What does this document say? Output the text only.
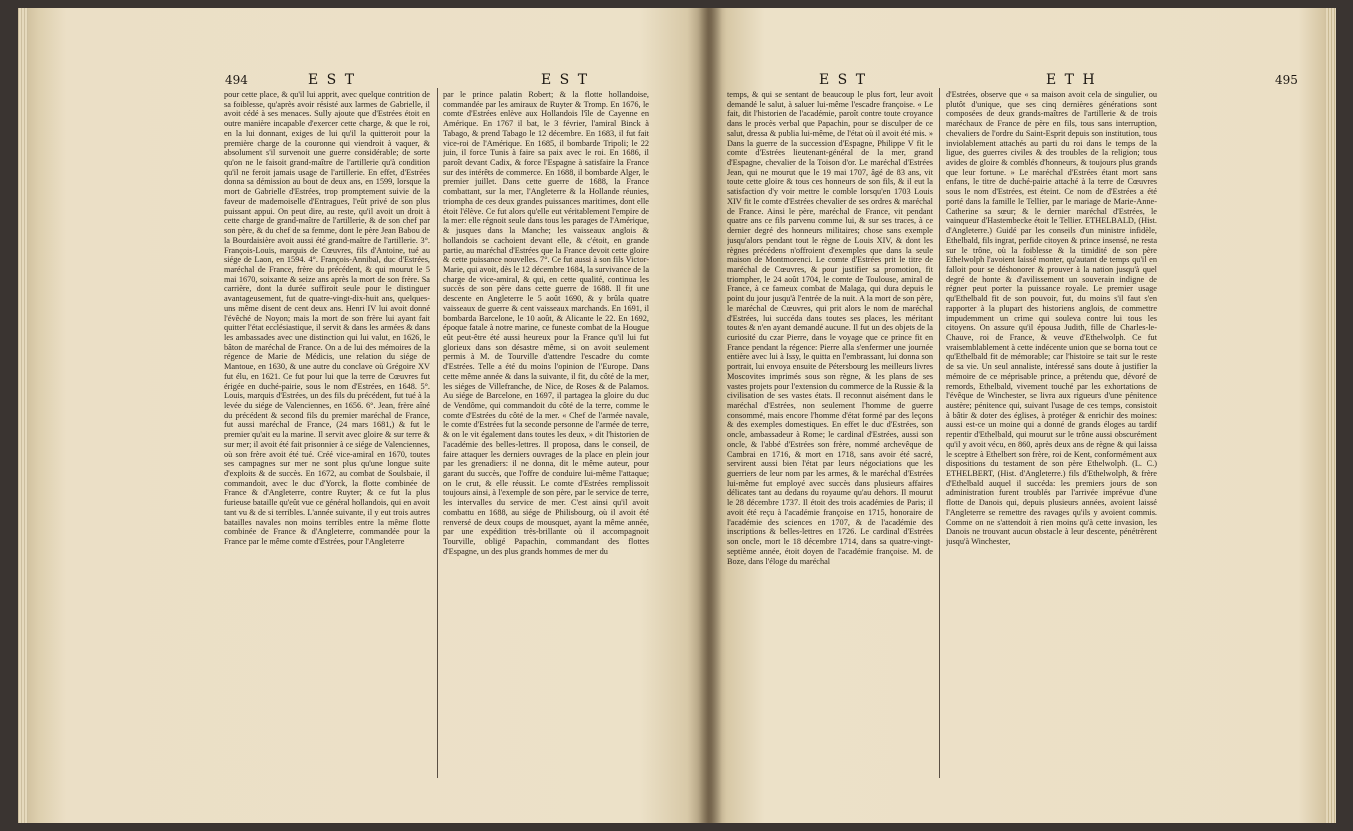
494	E S T	E S T
pour cette place, & qu'il lui apprit, avec quelque contrition de sa foiblesse, qu'après avoir résisté aux larmes de Gabrielle, il avoit cédé à ses menaces. Sully ajoute que d'Estrées étoit en outre manière incapable d'exercer cette charge, & que le roi, en la lui donnant, exiges de lui qu'il la quitteroit pour la première charge de la couronne qui viendroit à vaquer, & absolument s'il survenoit une guerre considérable; de sorte qu'on ne le faisoit grand-maître de l'artillerie qu'à condition qu'il ne feroit jamais usage de l'artillerie. En effet, d'Estrées donna sa démission au bout de deux ans, en 1599, lorsque la mort de Gabrielle d'Estrées, trop promptement suivie de la faveur de mademoiselle d'Entragues, l'eût privé de son plus puissant appui. On peut dire, au reste, qu'il avoit un droit à cette charge de grand-maître de l'artillerie, & de son chef par son père, & du chef de sa femme, dont le père Jean Babou de la Bourdaisière avoit aussi été grand-maître de l'artillerie. 3°. François-Louis, marquis de Cœuvres, fils d'Antoine, tué au siége de Laon, en 1594. 4°. François-Annibal, duc d'Estrées, maréchal de France, frère du précédent, & qui mourut le 5 mai 1670, soixante & seize ans après la mort de son frère. Sa carrière, dont la durée suffiroit seule pour le distinguer avantageusement, fut de quatre-vingt-dix-huit ans, quelques-uns même disent de cent deux ans. Henri IV lui avoit donné l'évêché de Noyon; mais la mort de son frère lui ayant fait quitter l'état ecclésiastique, il servit & dans les armées & dans les ambassades avec une distinction qui lui valut, en 1626, le bâton de maréchal de France. On a de lui des mémoires de la régence de Marie de Médicis, une relation du siége de Mantoue, en 1630, & une autre du conclave où Grégoire XV fut élu, en 1621. Ce fut pour lui que la terre de Cœuvres fut érigée en duché-pairie, sous le nom d'Estrées, en 1648. 5°. Louis, marquis d'Estrées, un des fils du précédent, fut tué à la levée du siége de Valenciennes, en 1656. 6°. Jean, frère aîné du précédent & second fils du premier maréchal de France, fut aussi maréchal de France, (24 mars 1681,) & fut le premier qu'ait eu la marine. Il servit avec gloire & sur terre & sur mer; il avoit été fait prisonnier à ce siége de Valenciennes, où son frère avoit été tué. Créé vice-amiral en 1670, toutes ses campagnes sur mer ne sont plus qu'une longue suite d'exploits & de succès. En 1672, au combat de Soulsbaie, il commandoit, avec le duc d'Yorck, la flotte combinée de France & d'Angleterre, contre Ruyter; & ce fut la plus furieuse bataille qu'eût vue ce général hollandois, qui en avoit tant vu & de si terribles. L'année suivante, il y eut trois autres batailles navales non moins terribles entre la même flotte combinée de France & d'Angleterre, commandée pour la France par le même comte d'Estrées, pour l'Angleterre
par le prince palatin Robert; & la flotte hollandoise, commandée par les amiraux de Ruyter & Tromp. En 1676, le comte d'Estrées enlève aux Hollandois l'île de Cayenne en Amérique. En 1767 il bat, le 3 février, l'amiral Binck à Tabago, & prend Tabago le 12 décembre. En 1683, il fut fait vice-roi de l'Amérique. En 1685, il bombarde Tripoli; le 22 juin, il force Tunis à faire sa paix avec le roi. En 1686, il paroît devant Cadix, & force l'Espagne à satisfaire la France sur des intérêts de commerce. En 1688, il bombarde Alger, le premier juillet. Dans cette guerre de 1688, la France combattant, sur la mer, l'Angleterre & la Hollande réunies, triompha de ces deux grandes puissances maritimes, dont elle étoit l'élève. Ce fut alors qu'elle eut véritablement l'empire de la mer: elle régnoit seule dans tous les parages de l'Amérique, & jusques dans la Manche; les vaisseaux anglois & hollandois se cachoient devant elle, & c'étoit, en grande partie, au maréchal d'Estrées que la France devoit cette gloire & cette puissance nouvelles. 7°. Ce fut aussi à son fils Victor-Marie, qui avoit, dès le 12 décembre 1684, la survivance de la charge de vice-amiral, & qui, en cette qualité, continua les succès de son père dans cette guerre de 1688. Il fit une descente en Angleterre le 5 août 1690, & y brûla quatre vaisseaux de guerre & cent vaisseaux marchands. En 1691, il bombarda Barcelone, le 10 août, & Alicante le 22. En 1692, époque fatale à notre marine, ce funeste combat de la Hougue eût peut-être été aussi heureux pour la France qu'il lui fut glorieux dans son désastre même, si on avoit seulement permis à M. de Tourville d'attendre l'escadre du comte d'Estrées. Telle a été du moins l'opinion de l'Europe. Dans cette même année & dans la suivante, il fit, du côté de la mer, les siéges de Villefranche, de Nice, de Roses & de Palamos. Au siége de Barcelone, en 1697, il partagea la gloire du duc de Vendôme, qui commandoit du côté de la terre, comme le comte d'Estrées du côté de la mer. « Chef de l'armée navale, le comte d'Estrées fut la seconde personne de l'armée de terre, & on le vit également dans toutes les deux, » dit l'historien de l'académie des belles-lettres. Il proposa, dans le conseil, de faire attaquer les derniers ouvrages de la place en plein jour par les grenadiers: il ne donna, dit le même auteur, pour garant du succès, que l'offre de conduire lui-même l'attaque; on le crut, & elle réussit. Le comte d'Estrées remplissoit toujours ainsi, à l'exemple de son père, par le service de terre, les intervalles du service de mer. C'est ainsi qu'il avoit combattu en 1688, au siége de Philisbourg, où il avoit été renversé de deux coups de mousquet, ayant la même année, par une expédition très-brillante où il accompagnoit Tourville, obligé Papachin, commandant des flottes d'Espagne, un des plus grands hommes de mer du
E S T	E T H	495
temps, & qui se sentant de beaucoup le plus fort, leur avoit demandé le salut, à saluer lui-même l'escadre françoise. « Le fait, dit l'historien de l'académie, paroît contre toute croyance dans le procès verbal que Papachin, pour se disculper de ce salut, dressa & publia lui-même, de l'état où il avoit été mis. » Dans la guerre de la succession d'Espagne, Philippe V fit le comte d'Estrées lieutenant-général de la mer, grand d'Espagne, chevalier de la Toison d'or. Le maréchal d'Estrées Jean, qui ne mourut que le 19 mai 1707, âgé de 83 ans, vit toute cette gloire & tous ces honneurs de son fils, & il eut la satisfaction d'y voir mettre le comble lorsqu'en 1703 Louis XIV fit le comte d'Estrées chevalier de ses ordres & maréchal de France. Ainsi le père, maréchal de France, vit pendant quatre ans ce fils parvenu comme lui, & sur ses traces, à ce dernier degré des honneurs militaires; chose sans exemple jusqu'alors pendant tout le règne de Louis XIV, & dont les règnes précédens n'offroient d'exemples que dans la seule maison de Montmorenci. Le comte d'Estrées prit le titre de maréchal de Cœuvres, & pour justifier sa promotion, fit triompher, le 24 août 1704, le comte de Toulouse, amiral de France, à ce fameux combat de Malaga, qui dura depuis le point du jour jusqu'à l'entrée de la nuit. A la mort de son père, le maréchal de Cœuvres, qui prit alors le nom de maréchal d'Estrées, lui succéda dans toutes ses places, les méritant toutes & n'en ayant demandé aucune. Il fut un des objets de la curiosité du czar Pierre, dans le voyage que ce prince fit en France pendant la régence: Pierre alla s'enfermer une journée entière avec lui à Issy, le quitta en l'embrassant, lui donna son portrait, lui envoya ensuite de Pétersbourg les meilleurs livres Moscovites imprimés sous son règne, & les plans de ses vastes projets pour l'extension du commerce de la Russie & la civilisation de ses vastes états. Il reconnut aisément dans le maréchal d'Estrées, non seulement l'homme de guerre consommé, mais encore l'homme d'état formé par des leçons & des exemples domestiques. En effet le duc d'Estrées, son oncle, ambassadeur à Rome; le cardinal d'Estrées, aussi son oncle, & l'abbé d'Estrées son frère, nommé archevêque de Cambrai en 1716, & mort en 1718, sans avoir été sacré, servirent aussi bien l'état par leurs négociations que les guerriers de leur nom par les armes, & le maréchal d'Estrées lui-même fut employé avec succès dans plusieurs affaires délicates tant au dedans du royaume qu'au dehors. Il mourut le 28 décembre 1737. Il étoit des trois académies de Paris; il avoit été reçu à l'académie françoise en 1715, honoraire de l'académie des sciences en 1707, & de l'académie des inscriptions & belles-lettres en 1726. Le cardinal d'Estrées son oncle, mort le 18 décembre 1714, dans sa quatre-vingt-septième année, étoit doyen de l'académie françoise. M. de Boze, dans l'éloge du maréchal
d'Estrées, observe que « sa maison avoit cela de singulier, ou plutôt d'unique, que ses cinq dernières générations sont composées de deux grands-maîtres de l'artillerie & de trois maréchaux de France de père en fils, tous sans interruption, chevaliers de l'ordre du Saint-Esprit depuis son institution, tous inviolablement attachés au parti du roi dans le temps de la ligue, des guerres civiles & des troubles de la religion; tous avides de gloire & comblés d'honneurs, & toujours plus grands que leur fortune. » Le maréchal d'Estrées étant mort sans enfans, le titre de duché-pairie attaché à la terre de Cœuvres sous le nom d'Estrées, est éteint. Ce nom de d'Estrées a été porté dans la famille le Tellier, par le mariage de Marie-Anne-Catherine sa sœur; & le dernier maréchal d'Estrées, le vainqueur d'Hastembecke étoit le Tellier. ETHELBALD, (Hist. d'Angleterre.) Guidé par les conseils d'un ministre infidèle, Ethelbald, fils ingrat, perfide citoyen & prince insensé, ne resta sur le trône, où la foiblesse & la timidité de son père Ethelwolph l'avoient laissé monter, qu'autant de temps qu'il en falloit pour se déshonorer & prouver à la nation jusqu'à quel degré de honte & d'avilissement un souverain indigne de régner peut porter la puissance royale. Le premier usage qu'Ethelbald fit de son pouvoir, fut, du moins s'il faut s'en rapporter à la plupart des historiens anglois, de commettre impudemment un crime qui souleva contre lui tous les citoyens. On assure qu'il épousa Judith, fille de Charles-le-Chauve, roi de France, & veuve d'Ethelwolph. Ce fut vraisemblablement à cette indécente union que se borna tout ce qu'Ethelbald fit de mémorable; car l'histoire se tait sur le reste de sa vie. Un seul annaliste, intéressé sans doute à justifier la mémoire de ce méprisable prince, a prétendu que, dévoré de remords, Ethelbald, vivement touché par les exhortations de l'évêque de Winchester, se livra aux rigueurs d'une pénitence austère; pénitence qui, suivant l'usage de ces temps, consistoit à bâtir & doter des églises, à protéger & enrichir des moines: aussi est-ce un moine qui a donné de grands éloges au tardif repentir d'Ethelbald, qui mourut sur le trône aussi obscurément qu'il y avoit vécu, en 860, après deux ans de règne & qui laissa le sceptre à Ethelbert son frère, roi de Kent, conformément aux dispositions du testament de son père Ethelwolph. (L. C.) ETHELBERT, (Hist. d'Angleterre.) fils d'Ethelwolph, & frère d'Ethelbald auquel il succéda: les premiers jours de son administration furent troublés par l'arrivée imprévue d'une flotte de Danois qui, depuis plusieurs années, avoient laissé l'Angleterre se remettre des ravages qu'ils y avoient commis. Comme on ne s'attendoit à rien moins qu'à cette invasion, les Danois ne trouvant aucun obstacle à leur descente, pénétrèrent jusqu'à Winchester,
